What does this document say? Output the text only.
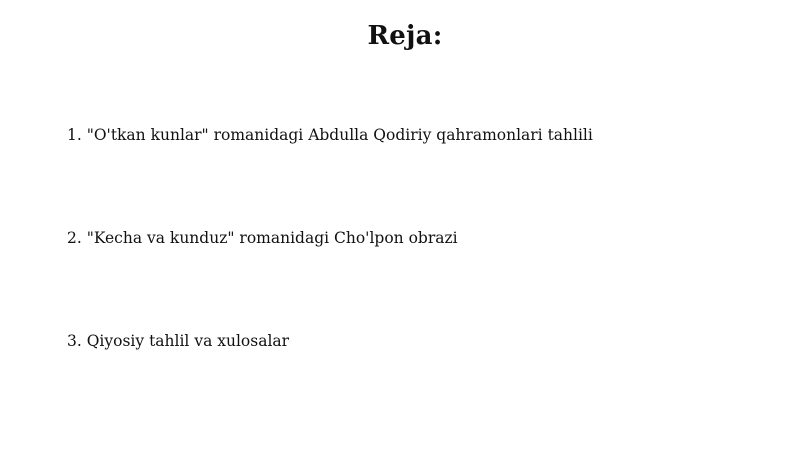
Reja:
1. "O'tkan kunlar" romanidagi Abdulla Qodiriy qahramonlari tahlili
2. "Kecha va kunduz" romanidagi Cho'lpon obrazi
3. Qiyosiy tahlil va xulosalar
